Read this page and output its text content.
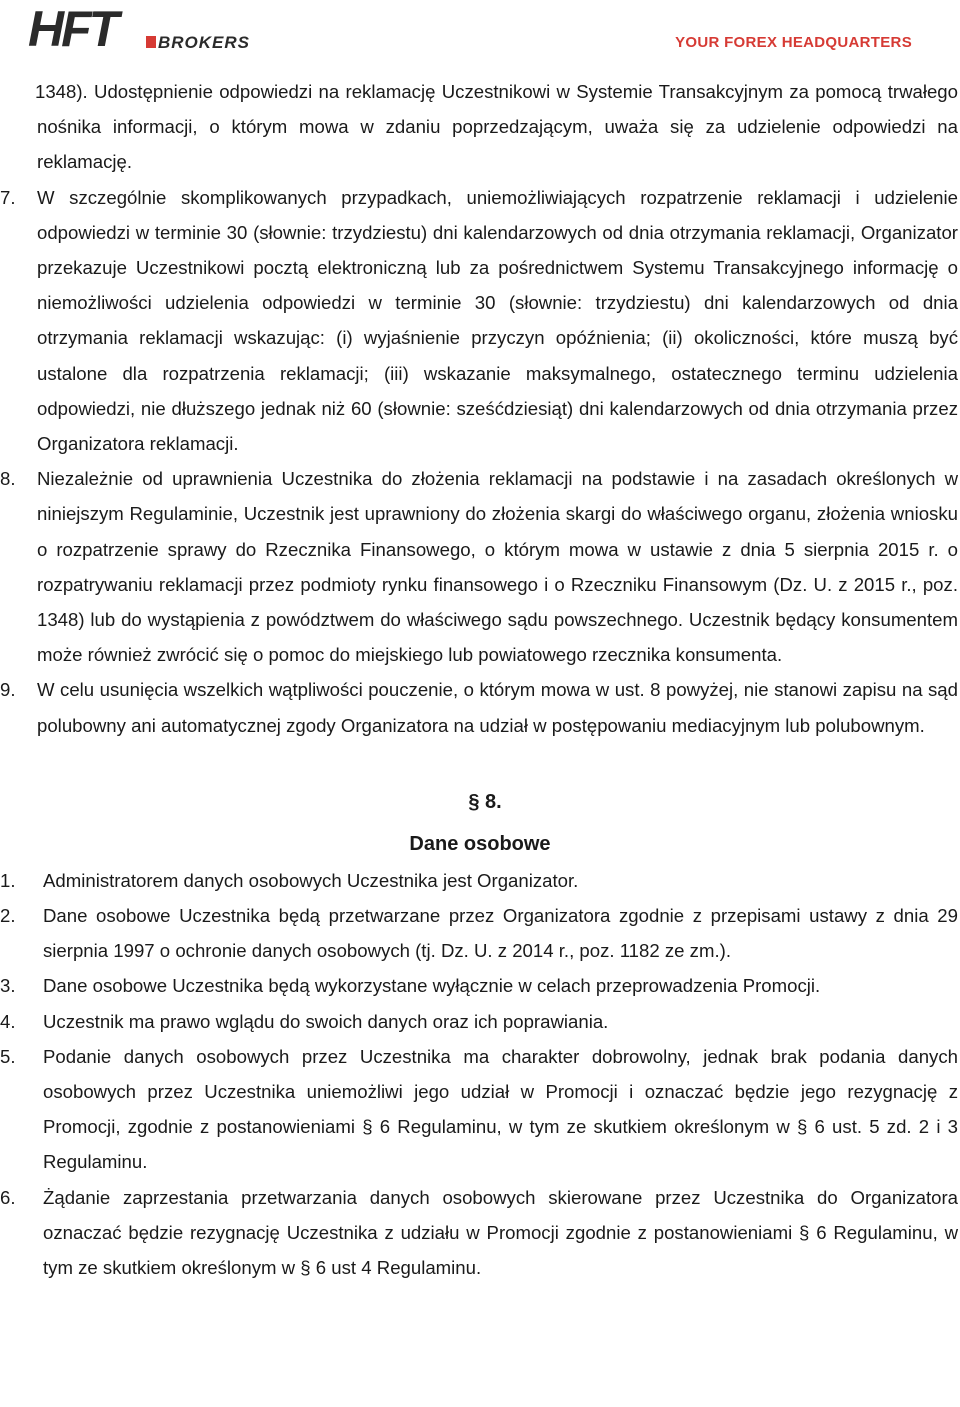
HFT	BROKERS	YOUR FOREX HEADQUARTERS

1348). Udostępnienie odpowiedzi na reklamację Uczestnikowi w Systemie Transakcyjnym za pomocą trwałego nośnika informacji, o którym mowa w zdaniu poprzedzającym, uważa się za udzielenie odpowiedzi na reklamację.

7.	W szczególnie skomplikowanych przypadkach, uniemożliwiających rozpatrzenie reklamacji i udzielenie odpowiedzi w terminie 30 (słownie: trzydziestu) dni kalendarzowych od dnia otrzymania reklamacji, Organizator przekazuje Uczestnikowi pocztą elektroniczną lub za pośrednictwem Systemu Transakcyjnego informację o niemożliwości udzielenia odpowiedzi w terminie 30 (słownie: trzydziestu) dni kalendarzowych od dnia otrzymania reklamacji wskazując: (i) wyjaśnienie przyczyn opóźnienia; (ii) okoliczności, które muszą być ustalone dla rozpatrzenia reklamacji; (iii) wskazanie maksymalnego, ostatecznego terminu udzielenia odpowiedzi, nie dłuższego jednak niż 60 (słownie: sześćdziesiąt) dni kalendarzowych od dnia otrzymania przez Organizatora reklamacji.

8.	Niezależnie od uprawnienia Uczestnika do złożenia reklamacji na podstawie i na zasadach określonych w niniejszym Regulaminie, Uczestnik jest uprawniony do złożenia skargi do właściwego organu, złożenia wniosku o rozpatrzenie sprawy do Rzecznika Finansowego, o którym mowa w ustawie z dnia 5 sierpnia 2015 r. o rozpatrywaniu reklamacji przez podmioty rynku finansowego i o Rzeczniku Finansowym (Dz. U. z 2015 r., poz. 1348) lub do wystąpienia z powództwem do właściwego sądu powszechnego. Uczestnik będący konsumentem może również zwrócić się o pomoc do miejskiego lub powiatowego rzecznika konsumenta.

9.	W celu usunięcia wszelkich wątpliwości pouczenie, o którym mowa w ust. 8 powyżej, nie stanowi zapisu na sąd polubowny ani automatycznej zgody Organizatora na udział w postępowaniu mediacyjnym lub polubownym.

§ 8.
Dane osobowe
1.	Administratorem danych osobowych Uczestnika jest Organizator.

2.	Dane osobowe Uczestnika będą przetwarzane przez Organizatora zgodnie z przepisami ustawy z dnia 29 sierpnia 1997 o ochronie danych osobowych (tj. Dz. U. z 2014 r., poz. 1182 ze zm.).

3.	Dane osobowe Uczestnika będą wykorzystane wyłącznie w celach przeprowadzenia Promocji.

4.	Uczestnik ma prawo wglądu do swoich danych oraz ich poprawiania.

5.	Podanie danych osobowych przez Uczestnika ma charakter dobrowolny, jednak brak podania danych osobowych przez Uczestnika uniemożliwi jego udział w Promocji i oznaczać będzie jego rezygnację z Promocji, zgodnie z postanowieniami § 6 Regulaminu, w tym ze skutkiem określonym w § 6 ust. 5 zd. 2 i 3 Regulaminu.

6.	Żądanie zaprzestania przetwarzania danych osobowych skierowane przez Uczestnika do Organizatora oznaczać będzie rezygnację Uczestnika z udziału w Promocji zgodnie z postanowieniami § 6 Regulaminu, w tym ze skutkiem określonym w § 6 ust 4 Regulaminu.
